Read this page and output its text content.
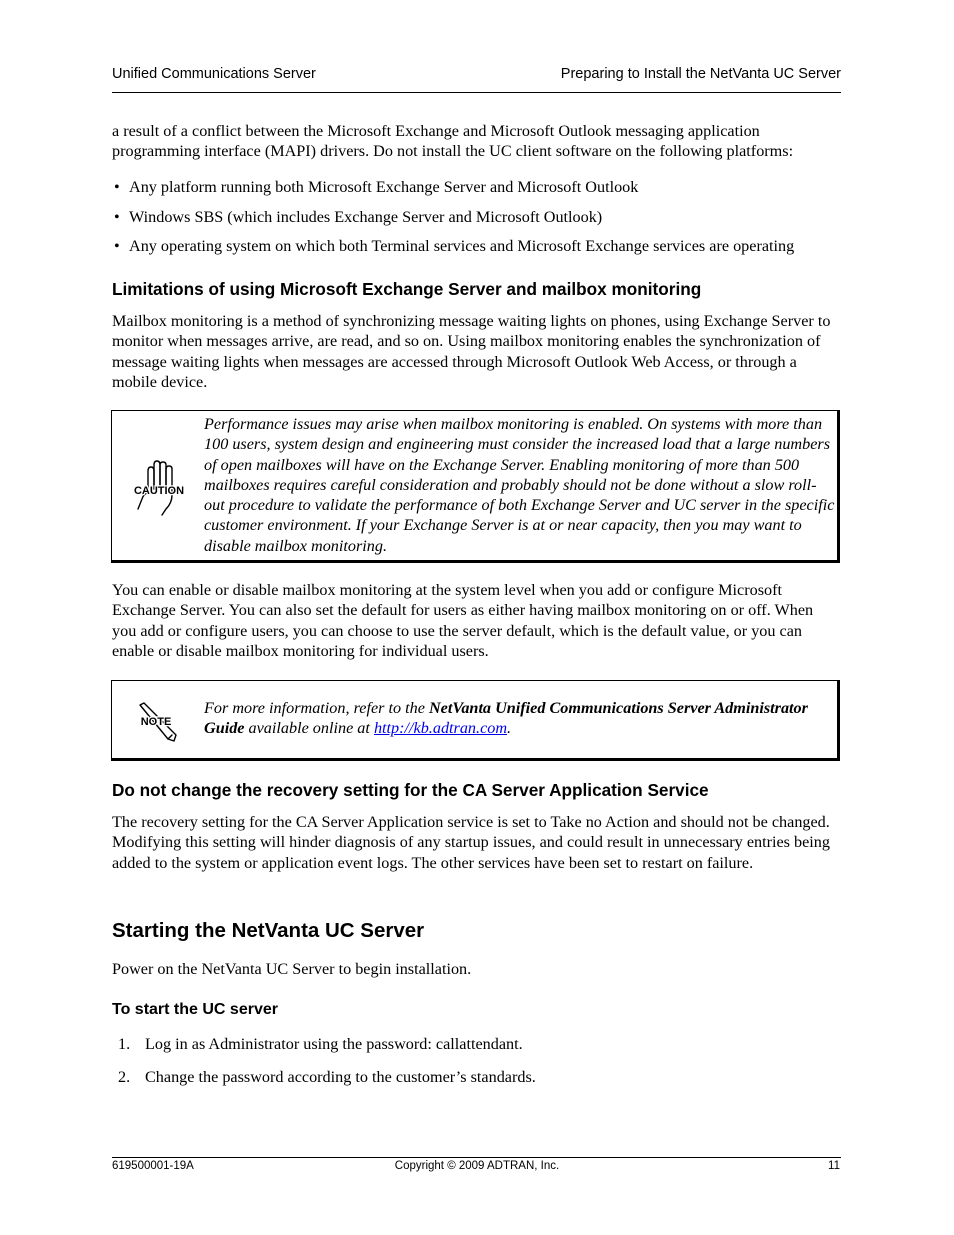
Unified Communications Server	Preparing to Install the NetVanta UC Server
a result of a conflict between the Microsoft Exchange and Microsoft Outlook messaging application programming interface (MAPI) drivers. Do not install the UC client software on the following platforms:
• Any platform running both Microsoft Exchange Server and Microsoft Outlook
• Windows SBS (which includes Exchange Server and Microsoft Outlook)
• Any operating system on which both Terminal services and Microsoft Exchange services are operating
Limitations of using Microsoft Exchange Server and mailbox monitoring
Mailbox monitoring is a method of synchronizing message waiting lights on phones, using Exchange Server to monitor when messages arrive, are read, and so on. Using mailbox monitoring enables the synchronization of message waiting lights when messages are accessed through Microsoft Outlook Web Access, or through a mobile device.
CAUTION
Performance issues may arise when mailbox monitoring is enabled. On systems with more than 100 users, system design and engineering must consider the increased load that a large numbers of open mailboxes will have on the Exchange Server. Enabling monitoring of more than 500 mailboxes requires careful consideration and probably should not be done without a slow roll-out procedure to validate the performance of both Exchange Server and UC server in the specific customer environment. If your Exchange Server is at or near capacity, then you may want to disable mailbox monitoring.
You can enable or disable mailbox monitoring at the system level when you add or configure Microsoft Exchange Server. You can also set the default for users as either having mailbox monitoring on or off. When you add or configure users, you can choose to use the server default, which is the default value, or you can enable or disable mailbox monitoring for individual users.
NOTE
For more information, refer to the NetVanta Unified Communications Server Administrator Guide available online at http://kb.adtran.com.
Do not change the recovery setting for the CA Server Application Service
The recovery setting for the CA Server Application service is set to Take no Action and should not be changed. Modifying this setting will hinder diagnosis of any startup issues, and could result in unnecessary entries being added to the system or application event logs. The other services have been set to restart on failure.
Starting the NetVanta UC Server
Power on the NetVanta UC Server to begin installation.
To start the UC server
1. Log in as Administrator using the password: callattendant.
2. Change the password according to the customer’s standards.
619500001-19A	Copyright © 2009 ADTRAN, Inc.	11
